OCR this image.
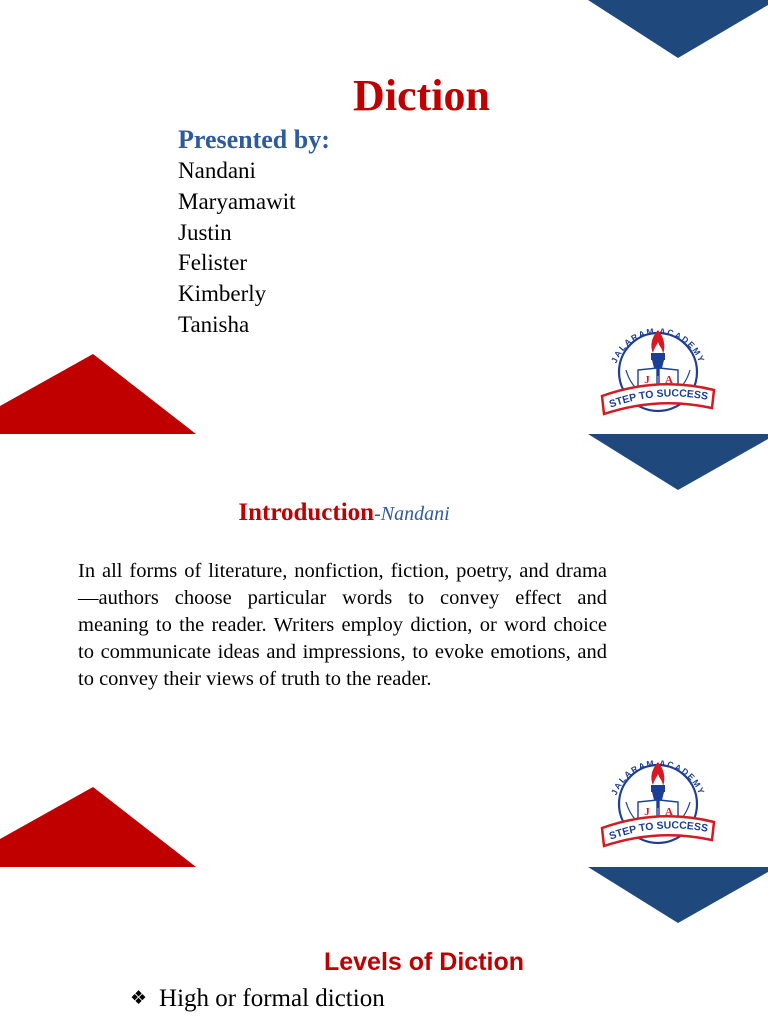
Diction
Presented by:
Nandani
Maryamawit
Justin
Felister
Kimberly
Tanisha
Introduction-Nandani

In all forms of literature, nonfiction, fiction, poetry, and drama—authors choose particular words to convey effect and meaning to the reader. Writers employ diction, or word choice to communicate ideas and impressions, to evoke emotions, and to convey their views of truth to the reader.

Levels of Diction
❖ High or formal diction
